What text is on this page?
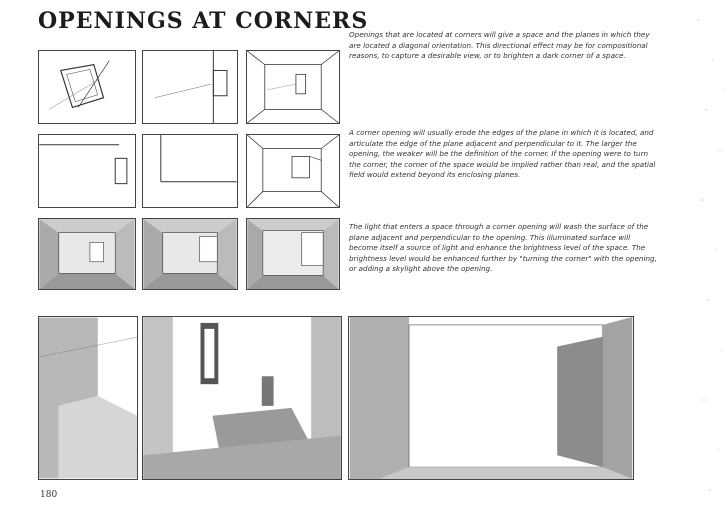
OPENINGS AT CORNERS

Openings that are located at corners will give a space and the planes in which they are located a diagonal orientation. This directional effect may be for compositional reasons, to capture a desirable view, or to brighten a dark corner of a space.

A corner opening will usually erode the edges of the plane in which it is located, and articulate the edge of the plane adjacent and perpendicular to it. The larger the opening, the weaker will be the definition of the corner. If the opening were to turn the corner, the corner of the space would be implied rather than real, and the spatial field would extend beyond its enclosing planes.

The light that enters a space through a corner opening will wash the surface of the plane adjacent and perpendicular to the opening. This illuminated surface will become itself a source of light and enhance the brightness level of the space. The brightness level would be enhanced further by "turning the corner" with the opening, or adding a skylight above the opening.

180
